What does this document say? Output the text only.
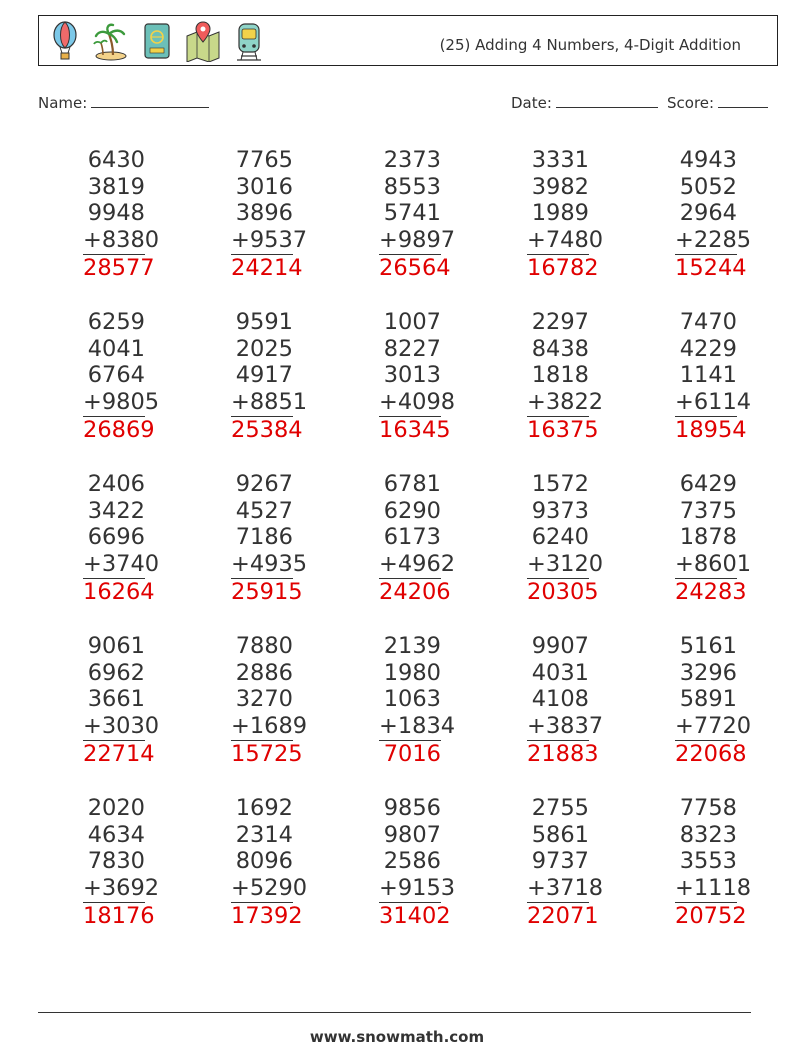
(25) Adding 4 Numbers, 4-Digit Addition
Name:	Date:	Score:
6430
3819
9948
+8380
28577
7765
3016
3896
+9537
24214
2373
8553
5741
+9897
26564
3331
3982
1989
+7480
16782
4943
5052
2964
+2285
15244
6259
4041
6764
+9805
26869
9591
2025
4917
+8851
25384
1007
8227
3013
+4098
16345
2297
8438
1818
+3822
16375
7470
4229
1141
+6114
18954
2406
3422
6696
+3740
16264
9267
4527
7186
+4935
25915
6781
6290
6173
+4962
24206
1572
9373
6240
+3120
20305
6429
7375
1878
+8601
24283
9061
6962
3661
+3030
22714
7880
2886
3270
+1689
15725
2139
1980
1063
+1834
7016
9907
4031
4108
+3837
21883
5161
3296
5891
+7720
22068
2020
4634
7830
+3692
18176
1692
2314
8096
+5290
17392
9856
9807
2586
+9153
31402
2755
5861
9737
+3718
22071
7758
8323
3553
+1118
20752
www.snowmath.com
